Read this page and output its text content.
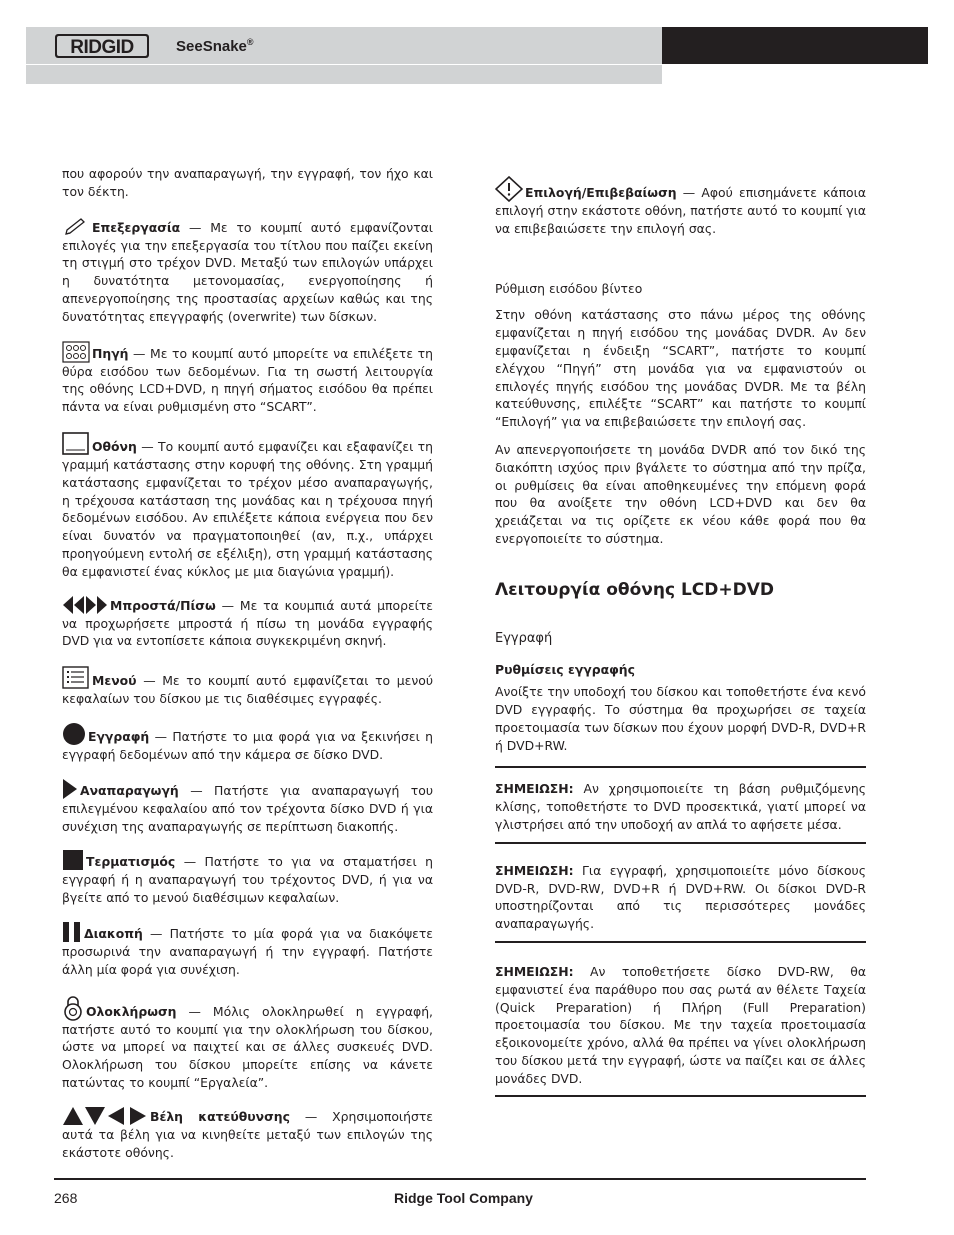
RIDGID	SeeSnake®

που αφορούν την αναπαραγωγή, την εγγραφή, τον ήχο και τον δέκτη.

Επεξεργασία — Με το κουμπί αυτό εμφανίζονται επιλογές για την επεξεργασία του τίτλου που παίζει εκείνη τη στιγμή στο τρέχον DVD. Μεταξύ των επιλογών υπάρχει η δυνατότητα μετονομασίας, ενεργοποίησης ή απενεργοποίησης της προστασίας αρχείων καθώς και της δυνατότητας επεγγραφής (overwrite) των δίσκων.

Πηγή — Με το κουμπί αυτό μπορείτε να επιλέξετε τη θύρα εισόδου των δεδομένων. Για τη σωστή λειτουργία της οθόνης LCD+DVD, η πηγή σήματος εισόδου θα πρέπει πάντα να είναι ρυθμισμένη στο “SCART”.

Οθόνη — Το κουμπί αυτό εμφανίζει και εξαφανίζει τη γραμμή κατάστασης στην κορυφή της οθόνης. Στη γραμμή κατάστασης εμφανίζεται το τρέχον μέσο αναπαραγωγής, η τρέχουσα κατάσταση της μονάδας και η τρέχουσα πηγή δεδομένων εισόδου. Αν επιλέξετε κάποια ενέργεια που δεν είναι δυνατόν να πραγματοποιηθεί (αν, π.χ., υπάρχει προηγούμενη εντολή σε εξέλιξη), στη γραμμή κατάστασης θα εμφανιστεί ένας κύκλος με μια διαγώνια γραμμή).

Μπροστά/Πίσω — Με τα κουμπιά αυτά μπορείτε να προχωρήσετε μπροστά ή πίσω τη μονάδα εγγραφής DVD για να εντοπίσετε κάποια συγκεκριμένη σκηνή.

Μενού — Με το κουμπί αυτό εμφανίζεται το μενού κεφαλαίων του δίσκου με τις διαθέσιμες εγγραφές.

Εγγραφή — Πατήστε το μια φορά για να ξεκινήσει η εγγραφή δεδομένων από την κάμερα σε δίσκο DVD.

Αναπαραγωγή — Πατήστε για αναπαραγωγή του επιλεγμένου κεφαλαίου από τον τρέχοντα δίσκο DVD ή για συνέχιση της αναπαραγωγής σε περίπτωση διακοπής.

Τερματισμός — Πατήστε το για να σταματήσει η εγγραφή ή η αναπαραγωγή του τρέχοντος DVD, ή για να βγείτε από το μενού διαθέσιμων κεφαλαίων.

Διακοπή — Πατήστε το μία φορά για να διακόψετε προσωρινά την αναπαραγωγή ή την εγγραφή. Πατήστε άλλη μία φορά για συνέχιση.

Ολοκλήρωση — Μόλις ολοκληρωθεί η εγγραφή, πατήστε αυτό το κουμπί για την ολοκλήρωση του δίσκου, ώστε να μπορεί να παιχτεί και σε άλλες συσκευές DVD. Ολοκλήρωση του δίσκου μπορείτε επίσης να κάνετε πατώντας το κουμπί “Εργαλεία”.

Βέλη κατεύθυνσης — Χρησιμοποιήστε αυτά τα βέλη για να κινηθείτε μεταξύ των επιλογών της εκάστοτε οθόνης.

Επιλογή/Επιβεβαίωση — Αφού επισημάνετε κάποια επιλογή στην εκάστοτε οθόνη, πατήστε αυτό το κουμπί για να επιβεβαιώσετε την επιλογή σας.

Ρύθμιση εισόδου βίντεο

Στην οθόνη κατάστασης στο πάνω μέρος της οθόνης εμφανίζεται η πηγή εισόδου της μονάδας DVDR. Αν δεν εμφανίζεται η ένδειξη “SCART”, πατήστε το κουμπί ελέγχου “Πηγή” στη μονάδα για να εμφανιστούν οι επιλογές πηγής εισόδου της μονάδας DVDR. Με τα βέλη κατεύθυνσης, επιλέξτε “SCART” και πατήστε το κουμπί “Επιλογή” για να επιβεβαιώσετε την επιλογή σας.

Αν απενεργοποιήσετε τη μονάδα DVDR από τον δικό της διακόπτη ισχύος πριν βγάλετε το σύστημα από την πρίζα, οι ρυθμίσεις θα είναι αποθηκευμένες την επόμενη φορά που θα ανοίξετε την οθόνη LCD+DVD και δεν θα χρειάζεται να τις ορίζετε εκ νέου κάθε φορά που θα ενεργοποιείτε το σύστημα.

Λειτουργία οθόνης LCD+DVD

Εγγραφή

Ρυθμίσεις εγγραφής

Ανοίξτε την υποδοχή του δίσκου και τοποθετήστε ένα κενό DVD εγγραφής. Το σύστημα θα προχωρήσει σε ταχεία προετοιμασία των δίσκων που έχουν μορφή DVD-R, DVD+R ή DVD+RW.

ΣΗΜΕΙΩΣΗ: Αν χρησιμοποιείτε τη βάση ρυθμιζόμενης κλίσης, τοποθετήστε το DVD προσεκτικά, γιατί μπορεί να γλιστρήσει από την υποδοχή αν απλά το αφήσετε μέσα.

ΣΗΜΕΙΩΣΗ: Για εγγραφή, χρησιμοποιείτε μόνο δίσκους DVD-R, DVD-RW, DVD+R ή DVD+RW. Οι δίσκοι DVD-R υποστηρίζονται από τις περισσότερες μονάδες αναπαραγωγής.

ΣΗΜΕΙΩΣΗ: Αν τοποθετήσετε δίσκο DVD-RW, θα εμφανιστεί ένα παράθυρο που σας ρωτά αν θέλετε Ταχεία (Quick Preparation) ή Πλήρη (Full Preparation) προετοιμασία του δίσκου. Με την ταχεία προετοιμασία εξοικονομείτε χρόνο, αλλά θα πρέπει να γίνει ολοκλήρωση του δίσκου μετά την εγγραφή, ώστε να παίζει και σε άλλες μονάδες DVD.

268	Ridge Tool Company
